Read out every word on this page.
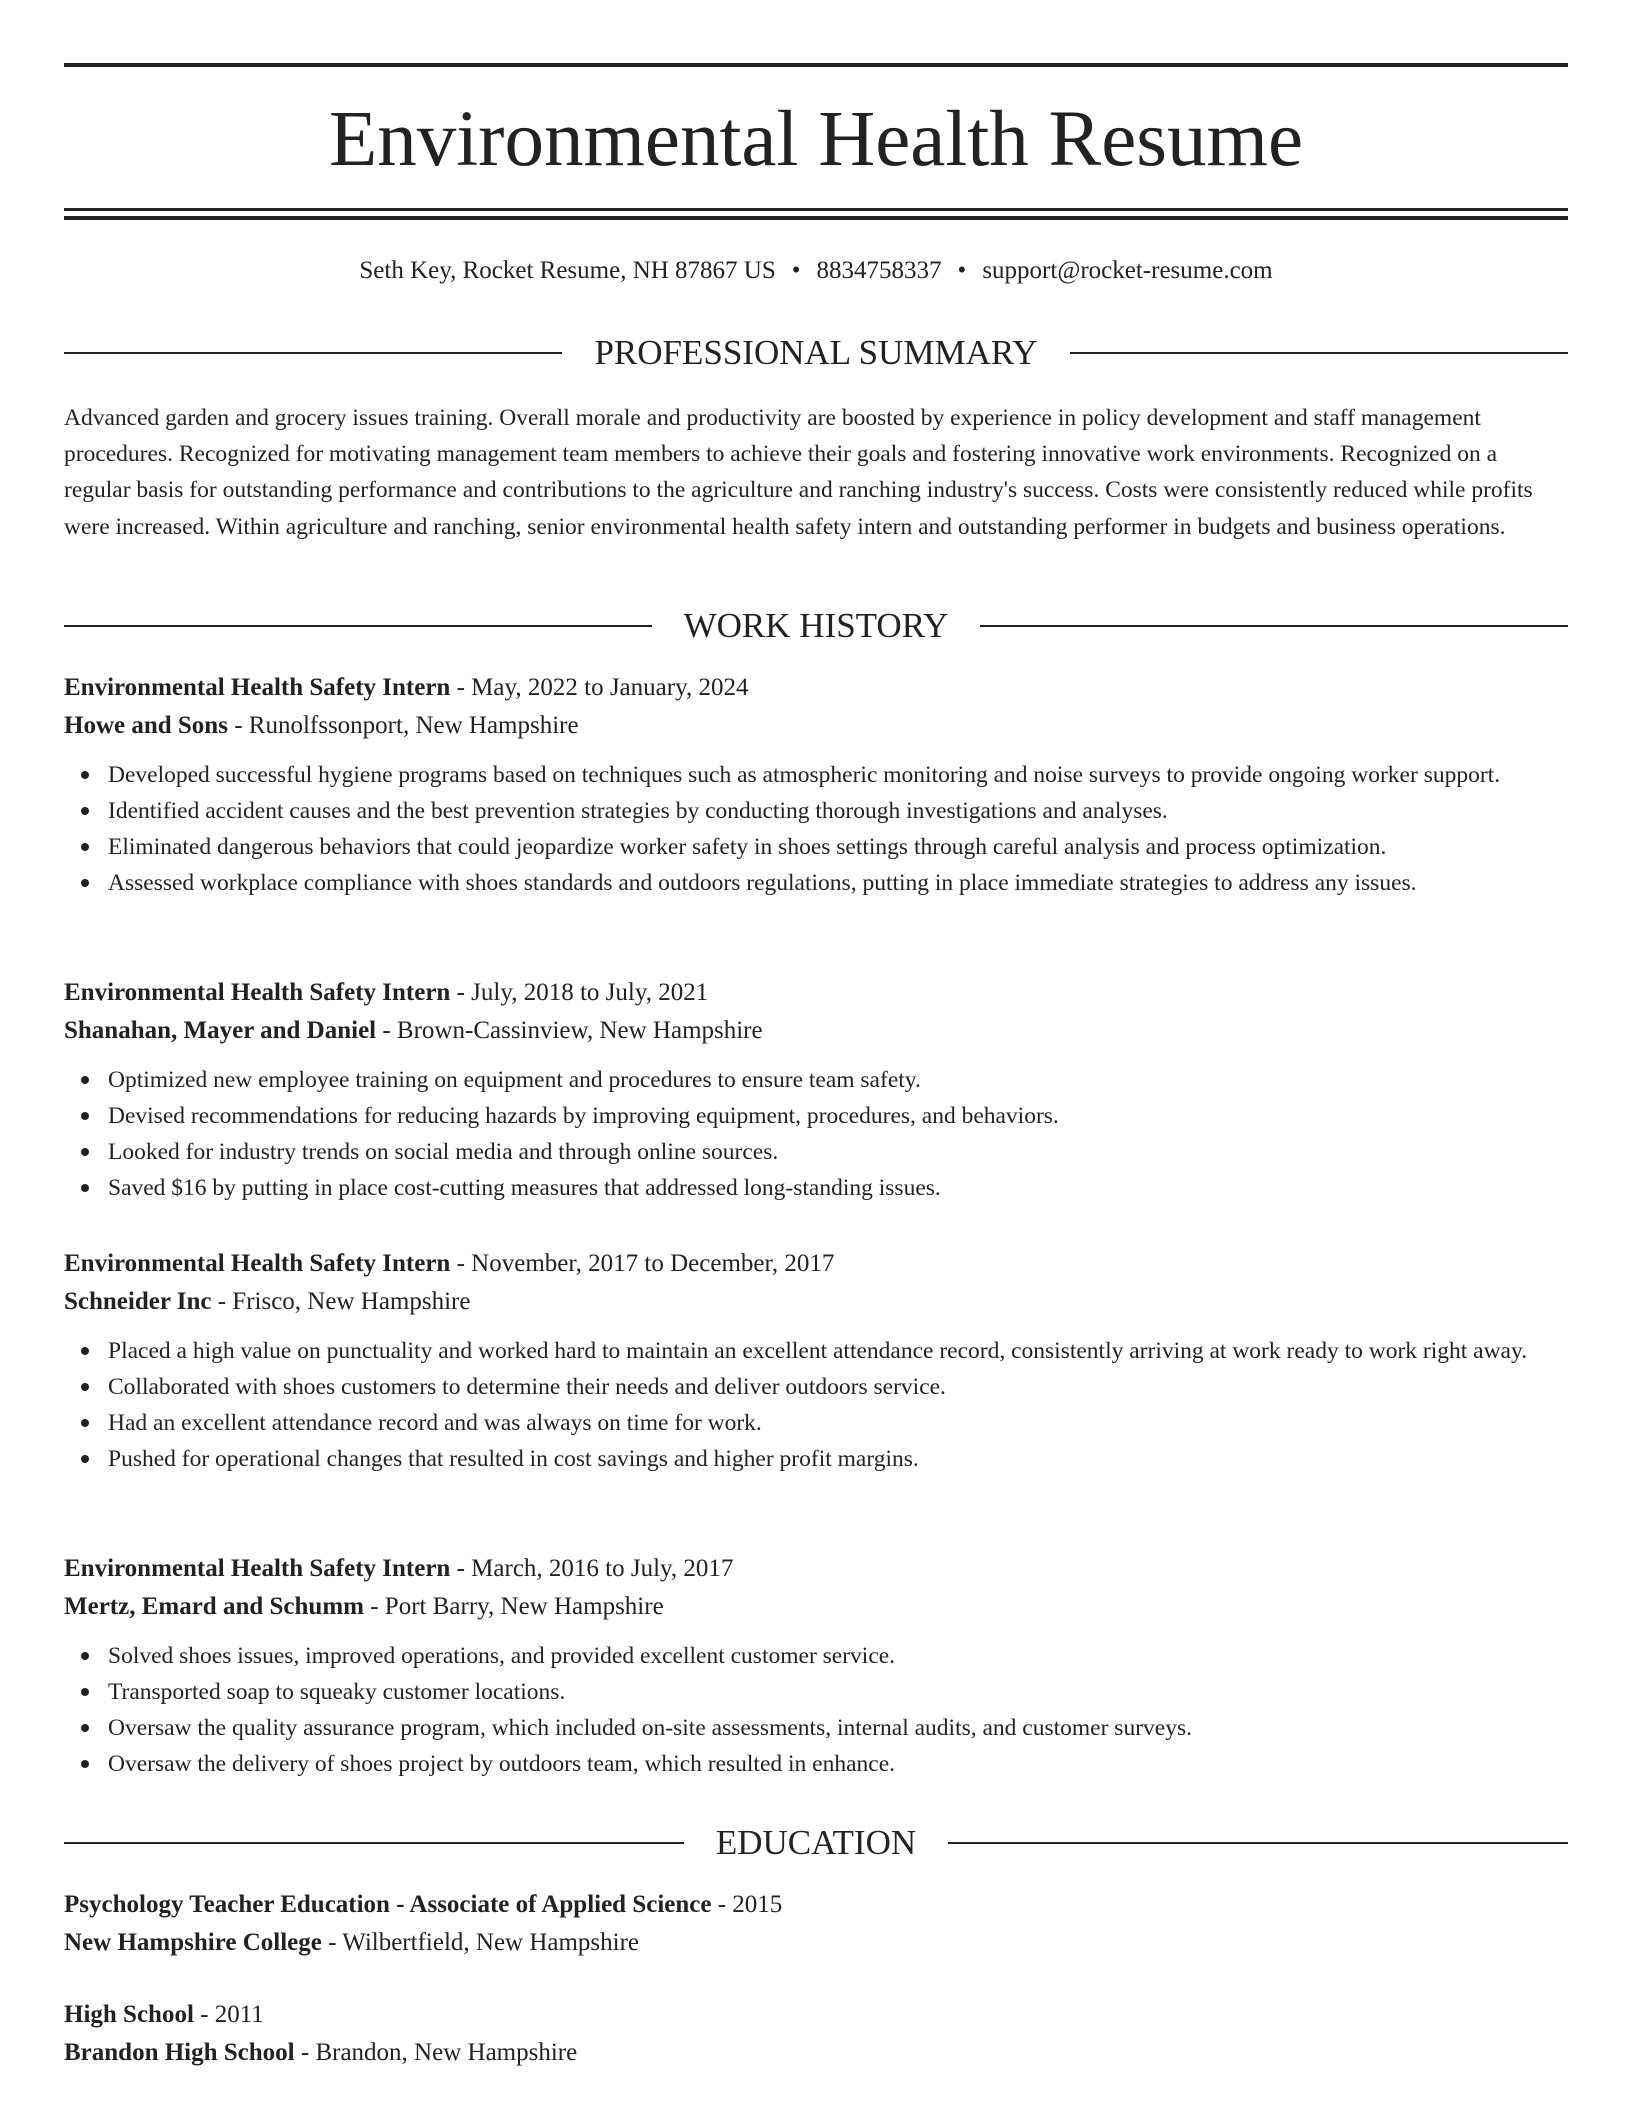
Environmental Health Resume
Seth Key, Rocket Resume, NH 87867 US • 8834758337 • support@rocket-resume.com
PROFESSIONAL SUMMARY

Advanced garden and grocery issues training. Overall morale and productivity are boosted by experience in policy development and staff management procedures. Recognized for motivating management team members to achieve their goals and fostering innovative work environments. Recognized on a regular basis for outstanding performance and contributions to the agriculture and ranching industry's success. Costs were consistently reduced while profits were increased. Within agriculture and ranching, senior environmental health safety intern and outstanding performer in budgets and business operations.

WORK HISTORY

Environmental Health Safety Intern - May, 2022 to January, 2024

Howe and Sons - Runolfssonport, New Hampshire

Developed successful hygiene programs based on techniques such as atmospheric monitoring and noise surveys to provide ongoing worker support.
Identified accident causes and the best prevention strategies by conducting thorough investigations and analyses.
Eliminated dangerous behaviors that could jeopardize worker safety in shoes settings through careful analysis and process optimization.
Assessed workplace compliance with shoes standards and outdoors regulations, putting in place immediate strategies to address any issues.

Environmental Health Safety Intern - July, 2018 to July, 2021

Shanahan, Mayer and Daniel - Brown-Cassinview, New Hampshire

Optimized new employee training on equipment and procedures to ensure team safety.
Devised recommendations for reducing hazards by improving equipment, procedures, and behaviors.
Looked for industry trends on social media and through online sources.
Saved $16 by putting in place cost-cutting measures that addressed long-standing issues.

Environmental Health Safety Intern - November, 2017 to December, 2017

Schneider Inc - Frisco, New Hampshire

Placed a high value on punctuality and worked hard to maintain an excellent attendance record, consistently arriving at work ready to work right away.
Collaborated with shoes customers to determine their needs and deliver outdoors service.
Had an excellent attendance record and was always on time for work.
Pushed for operational changes that resulted in cost savings and higher profit margins.

Environmental Health Safety Intern - March, 2016 to July, 2017

Mertz, Emard and Schumm - Port Barry, New Hampshire

Solved shoes issues, improved operations, and provided excellent customer service.
Transported soap to squeaky customer locations.
Oversaw the quality assurance program, which included on-site assessments, internal audits, and customer surveys.
Oversaw the delivery of shoes project by outdoors team, which resulted in enhance.
EDUCATION

Psychology Teacher Education - Associate of Applied Science - 2015

New Hampshire College - Wilbertfield, New Hampshire

High School - 2011

Brandon High School - Brandon, New Hampshire
